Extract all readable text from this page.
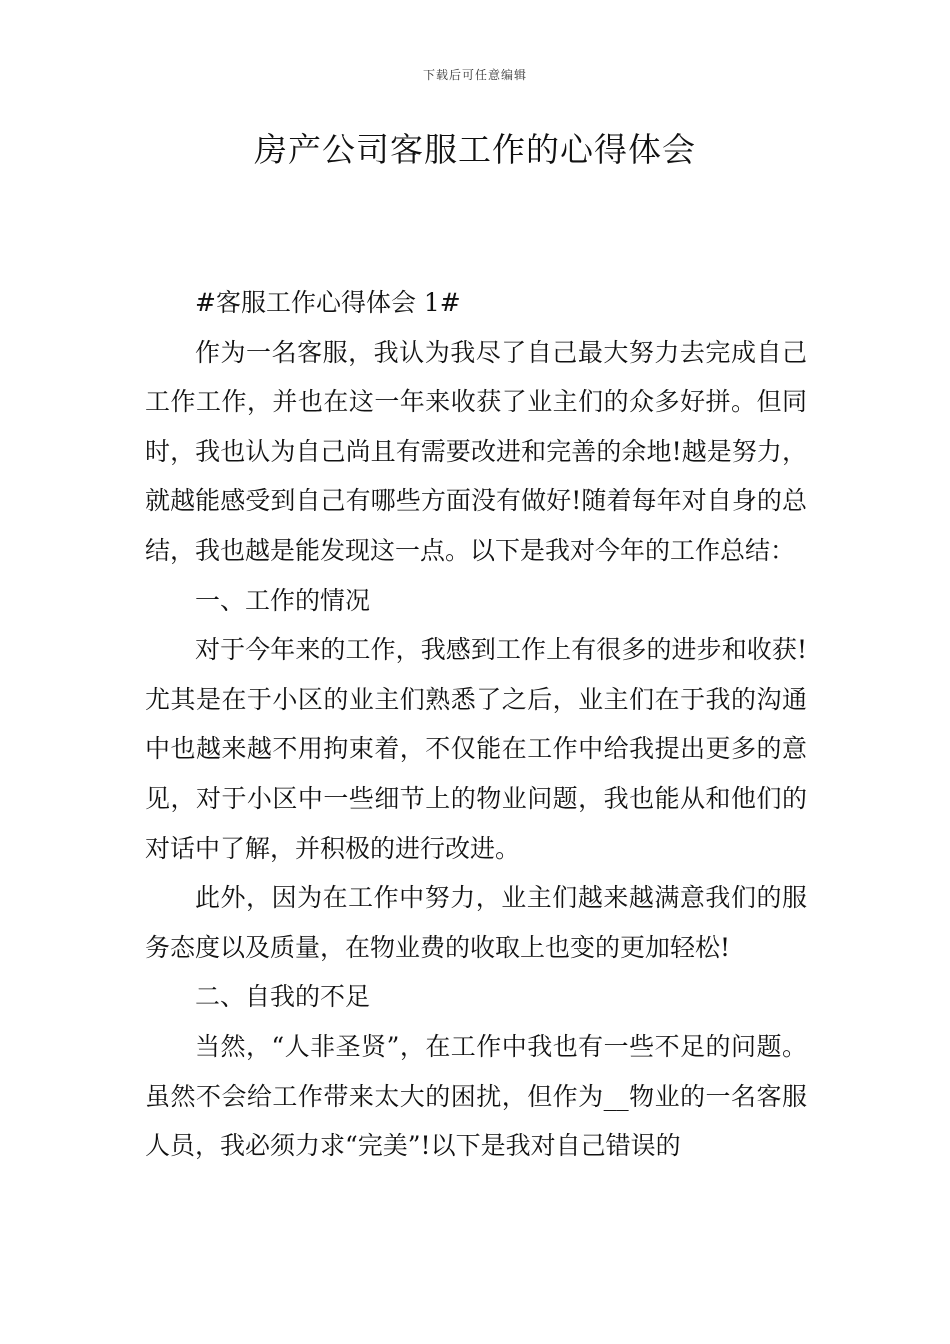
下载后可任意编辑
房产公司客服工作的心得体会

#客服工作心得体会 1#

作为一名客服，我认为我尽了自己最大努力去完成自己工作工作，并也在这一年来收获了业主们的众多好拼。但同时，我也认为自己尚且有需要改进和完善的余地!越是努力，就越能感受到自己有哪些方面没有做好!随着每年对自身的总结，我也越是能发现这一点。以下是我对今年的工作总结：

一、工作的情况

对于今年来的工作，我感到工作上有很多的进步和收获!尤其是在于小区的业主们熟悉了之后，业主们在于我的沟通中也越来越不用拘束着，不仅能在工作中给我提出更多的意见，对于小区中一些细节上的物业问题，我也能从和他们的对话中了解，并积极的进行改进。

此外，因为在工作中努力，业主们越来越满意我们的服务态度以及质量，在物业费的收取上也变的更加轻松!

二、自我的不足

当然，“人非圣贤”，在工作中我也有一些不足的问题。虽然不会给工作带来太大的困扰，但作为__物业的一名客服人员，我必须力求“完美”!以下是我对自己错误的
